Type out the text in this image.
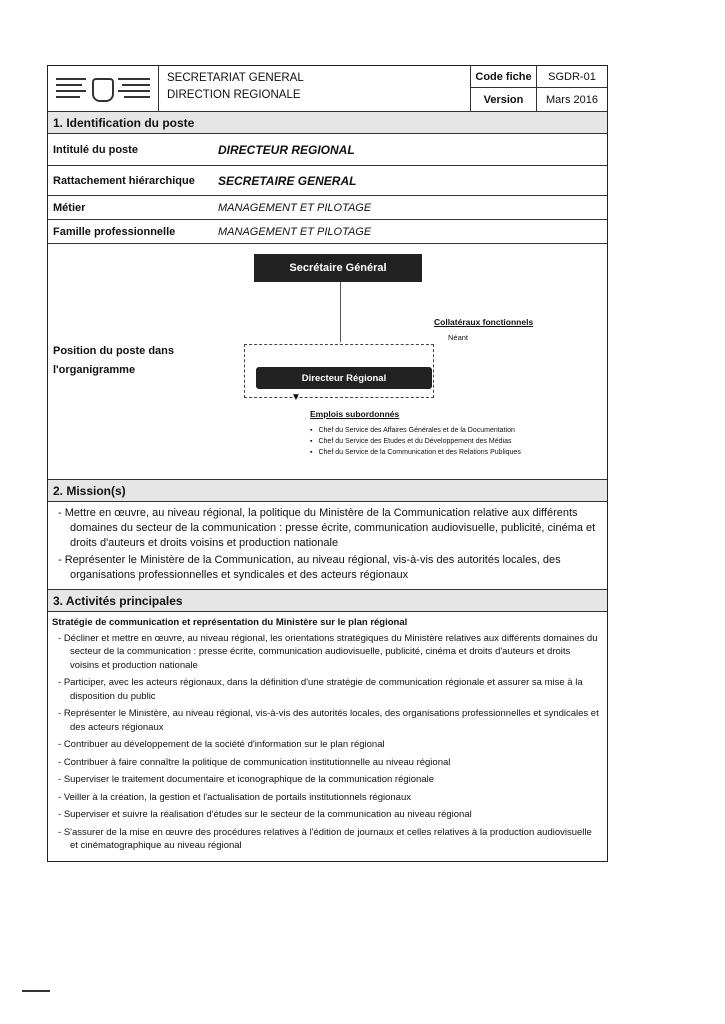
SECRETARIAT GENERAL
DIRECTION REGIONALE
Code fiche	SGDR-01
Version	Mars 2016
1. Identification du poste
Intitulé du poste	DIRECTEUR REGIONAL
Rattachement hiérarchique	SECRETAIRE GENERAL
Métier	MANAGEMENT ET PILOTAGE
Famille professionnelle	MANAGEMENT ET PILOTAGE
Position du poste dans l'organigramme
Secrétaire Général
Directeur Régional
▼
Collatéraux fonctionnels
Néant
Emplois subordonnés
▪ Chef du Service des Affaires Générales et de la Documentation
▪ Chef du Service des Etudes et du Développement des Médias
▪ Chef du Service de la Communication et des Relations Publiques
2. Mission(s)
- Mettre en œuvre, au niveau régional, la politique du Ministère de la Communication relative aux différents domaines du secteur de la communication : presse écrite, communication audiovisuelle, publicité, cinéma et droits d'auteurs et droits voisins et production nationale
- Représenter le Ministère de la Communication, au niveau régional, vis-à-vis des autorités locales, des organisations professionnelles et syndicales et des acteurs régionaux
3. Activités principales
Stratégie de communication et représentation du Ministère sur le plan régional
- Décliner et mettre en œuvre, au niveau régional, les orientations stratégiques du Ministère relatives aux différents domaines du secteur de la communication : presse écrite, communication audiovisuelle, publicité, cinéma et droits d'auteurs et droits voisins et production nationale
- Participer, avec les acteurs régionaux, dans la définition d'une stratégie de communication régionale et assurer sa mise à la disposition du public
- Représenter le Ministère, au niveau régional, vis-à-vis des autorités locales, des organisations professionnelles et syndicales et des acteurs régionaux
- Contribuer au développement de la société d'information sur le plan régional
- Contribuer à faire connaître la politique de communication institutionnelle au niveau régional
- Superviser le traitement documentaire et iconographique de la communication régionale
- Veiller à la création, la gestion et l'actualisation de portails institutionnels régionaux
- Superviser et suivre la réalisation d'études sur le secteur de la communication au niveau régional
- S'assurer de la mise en œuvre des procédures relatives à l'édition de journaux et celles relatives à la production audiovisuelle et cinématographique au niveau régional
